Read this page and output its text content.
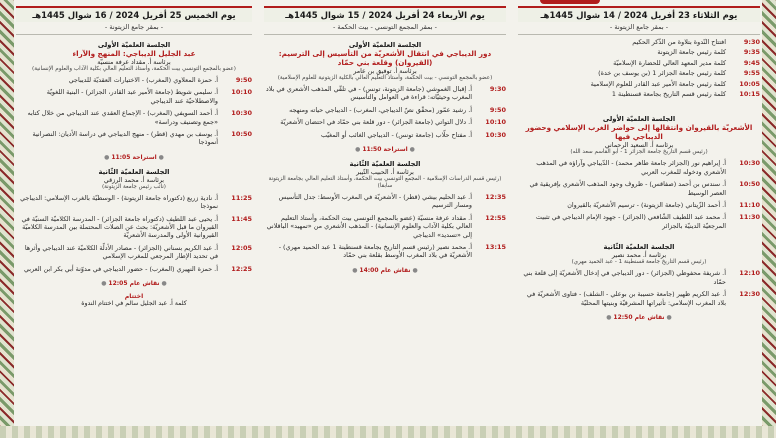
يوم الثلاثاء 23 أفريل 2024 / 14 شوال 1445هـ
- بمقر جامع الزيتونة -
9:30
افتتاح النّدوة بتلاوة من الذّكر الحكيم
9:35
كلمة رئيس جامعة الزيتونة
9:45
كلمة مدير المعهد العالي للحضارة الإسلاميّة
9:55
كلمة رئيس جامعة الجزائر 1 (بن يوسف بن خدة)
10:05
كلمة رئيس جامعة الأمير عبد القادر للعلوم الإسلامية
10:15
كلمة رئيس قسم التاريخ بجامعة قسنطينة 1
الجلسة العلميّة الأولى
الأشعريّة بالقيروان وانتقالها إلى حواضر الغرب الإسلامي وحضور الديباجي فيها
برئاسة أ. السعيد الرحماني
(رئيس قسم التاريخ جامعة الجزائر 1 - أبو القاسم سعد الله)
10:30
أ. إبراهيم نور (الجزائر جامعة طاهر محمد) - الدّيباجي وآراؤه في المذهب الأشعري ودخوله للمغرب العربي
10:50
أ. سندس بن أحمد (صفاقس) - ظروف وجود المذهب الأشعري بإفريقية في العصر الوسيط
11:10
أ. أحمد الزّيتاني (جامعة الزيتونة) - ترسيم الأشعريّة بالقيروان
11:30
أ. محمد عبد اللطيف الشّافعي (الجزائر) - جهود الإمام الديباجي في تثبيت المرجعيّة الدينيّة بالجزائر
الجلسة العلميّة الثّانية
برئاسة أ. محمد نصير
(رئيس قسم التاريخ جامعة قسنطينة 1 - عبد الحميد مهري)
12:10
أ. شريفة محفوظي (الجزائر) - دور الديباجي في إدخال الأشعريّة إلى قلعة بني حمّاد
12:30
أ. عبد الكريم ظهير (جامعة حسيبة بن بوعلي - الشلف) - فتاوى الأشعريّة في بلاد المغرب الإسلامي: تأثيراتها المشرقيّة وبنيتها المحليّة
● نقاش عام 12:50 ●
يوم الأربعاء 24 أفريل 2024 / 15 شوال 1445هـ
- بمقر المجمع التونسي - بيت الحكمة -
الجلسة العلميّة الأولى
دور الديباجي في انتقال الأشعريّة من التأسيس إلى الترسيم: (القيروان) وقلعة بني حمّاد
برئاسة أ. توفيق بن عامر
(عضو بالمجمع التونسي - بيت الحكمة، وأستاذ التعليم العالي بالكلية الزيتونية للعلوم الإسلامية)
9:30
أ. إقبال الغموشي (جامعة الزيتونة، تونس) - في تلقّي المذهب الأشعري في بلاد المغرب وحيثيّاته: قراءة في العوامل والتأسيس
9:50
أ. رشيد عمّور (محقّق نصّ الديباجي، المغرب) - الديباجي حياته ومنهجه
10:10
أ. دلال التواتي (جامعة الجزائر) - دور قلعة بني حمّاد في احتضان الأشعريّة
10:30
أ. مفتاح حلّاب (جامعة تونس) - الديباجي الغائب أو المغيّب
● استراحة 11:50 ●
الجلسة العلميّة الثّانية
برئاسة أ. الحبيب التّيبر
(رئيس قسم الدراسات الإسلامية - المجمع التونسي بيت الحكمة، وأستاذ التعليم العالي بجامعة الزيتونة سابقا)
12:35
أ. عبد الحليم بيشي (قطر) - الأشعريّة في المغرب الأوسط: جدل التأسيس ومسار الترسيم
12:55
أ. مقداد عرفة منسيّة (عضو بالمجمع التونسي بيت الحكمة، وأستاذ التعليم العالي بكلية الآداب والعلوم الإنسانية) - المذهب الأشعري من «تمهيد» الباقلاني إلى «تسديد» الديباجي
13:15
أ. محمد نصير (رئيس قسم التاريخ بجامعة قسنطينة 1 عبد الحميد مهري) - الأشعريّة في بلاد المغرب الأوسط بقلعة بني حمّاد
● نقاش عام 14:00 ●
يوم الخميس 25 أفريل 2024 / 16 شوال 1445هـ
- بمقر جامع الزيتونة -
الجلسة العلميّة الأولى
عبد الجليل الديباجي: المنهج والآراء
برئاسة أ. مقداد عرفة منسيّة
(عضو بالمجمع التونسي بيت الحكمة، وأستاذ التعليم العالي بكلية الآداب والعلوم الإنسانية)
9:50
أ. حمزة المعلاوي (المغرب) - الاختيارات العقديّة للديباجي
10:10
أ. سليمي شويط (جامعة الأمير عبد القادر، الجزائر) - البنية اللغويّة والاصطلاحيّة عند الديباجي
10:30
أ. أحمد السويفي (المغرب) - الإجماع العقدي عند الديباجي من خلال كتابه «جمع وتصنيف ودراسة»
10:50
أ. يوسف بن مهدي (قطر) - منهج الديباجي في دراسة الأديان: النصرانية أنموذجا
● استراحة 11:05 ●
الجلسة العلميّة الثّانية
برئاسة أ. محمد الرزقي
(نائب رئيس جامعة الزيتونة)
11:25
أ. نادية زريع (دكتوراه جامعة الزيتونة) - الوسطيّة بالغرب الإسلامي: الديباجي نموذجا
11:45
أ. يحيى عبد اللطيف (دكتوراه جامعة الجزائر) - المدرسة الكلاميّة السنيّة في القيروان ما قبل الأشعريّة: بحث عن الصلات المحتملة بين المدرسة الكلاميّة القيروانية الأولى والمدرسة الأشعريّة
12:05
أ. عبد الكريم بسناني (الجزائر) - مصادر الأدلّة الكلاميّة عند الديباجي وأثرها في تحديد الإطار المرجعي للمغرب الإسلامي
12:25
أ. حمزة النهيري (المغرب) - حضور الديباجي في مدوّنة أبي بكر ابن العربي
● نقاش عام 12:05 ●
اختتام
كلمة أ. عبد الجليل سالم في اختتام الندوة
